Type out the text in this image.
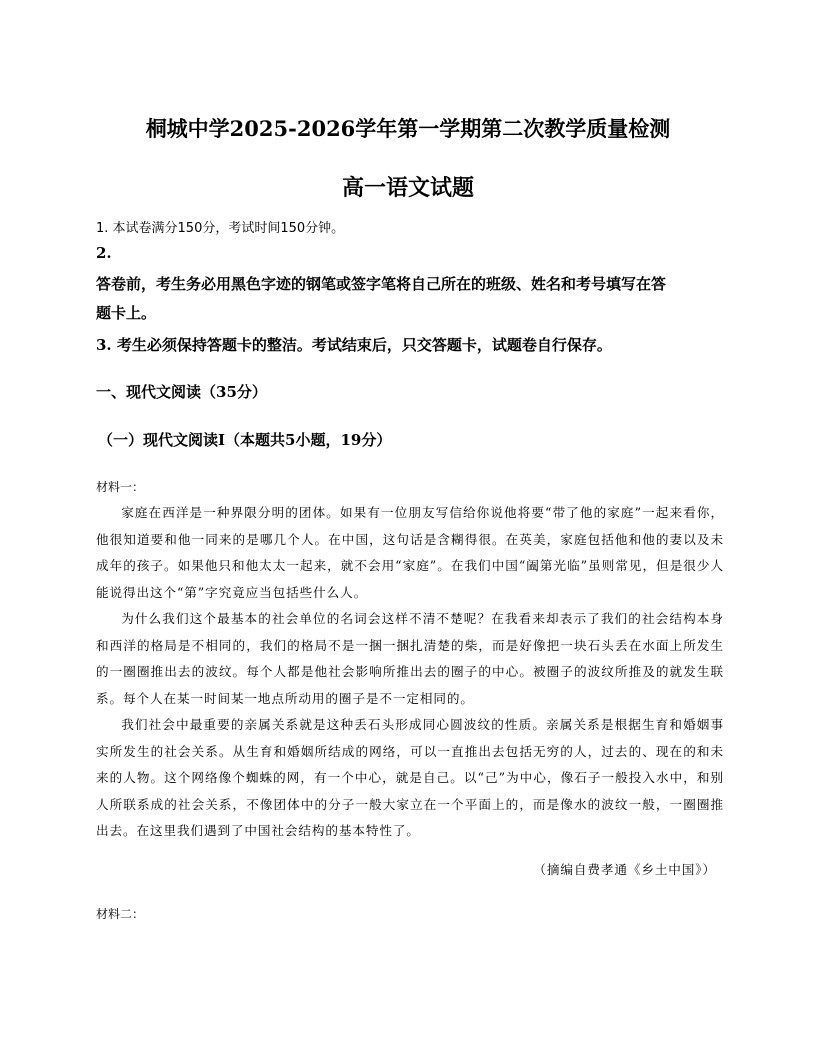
桐城中学2025-2026学年第一学期第二次教学质量检测
高一语文试题
1. 本试卷满分150分，考试时间150分钟。
2.
答卷前，考生务必用黑色字迹的钢笔或签字笔将自己所在的班级、姓名和考号填写在答
题卡上。
3. 考生必须保持答题卡的整洁。考试结束后，只交答题卡，试题卷自行保存。
一、现代文阅读（35分）
（一）现代文阅读Ⅰ（本题共5小题，19分）
材料一：

家庭在西洋是一种界限分明的团体。如果有一位朋友写信给你说他将要“带了他的家庭”一起来看你，他很知道要和他一同来的是哪几个人。在中国，这句话是含糊得很。在英美，家庭包括他和他的妻以及未成年的孩子。如果他只和他太太一起来，就不会用“家庭”。在我们中国“阖第光临”虽则常见，但是很少人能说得出这个“第”字究竟应当包括些什么人。

为什么我们这个最基本的社会单位的名词会这样不清不楚呢？在我看来却表示了我们的社会结构本身和西洋的格局是不相同的，我们的格局不是一捆一捆扎清楚的柴，而是好像把一块石头丢在水面上所发生的一圈圈推出去的波纹。每个人都是他社会影响所推出去的圈子的中心。被圈子的波纹所推及的就发生联系。每个人在某一时间某一地点所动用的圈子是不一定相同的。

我们社会中最重要的亲属关系就是这种丢石头形成同心圆波纹的性质。亲属关系是根据生育和婚姻事实所发生的社会关系。从生育和婚姻所结成的网络，可以一直推出去包括无穷的人，过去的、现在的和未来的人物。这个网络像个蜘蛛的网，有一个中心，就是自己。以“己”为中心，像石子一般投入水中，和别人所联系成的社会关系，不像团体中的分子一般大家立在一个平面上的，而是像水的波纹一般，一圈圈推出去。在这里我们遇到了中国社会结构的基本特性了。

（摘编自费孝通《乡土中国》）
材料二：
